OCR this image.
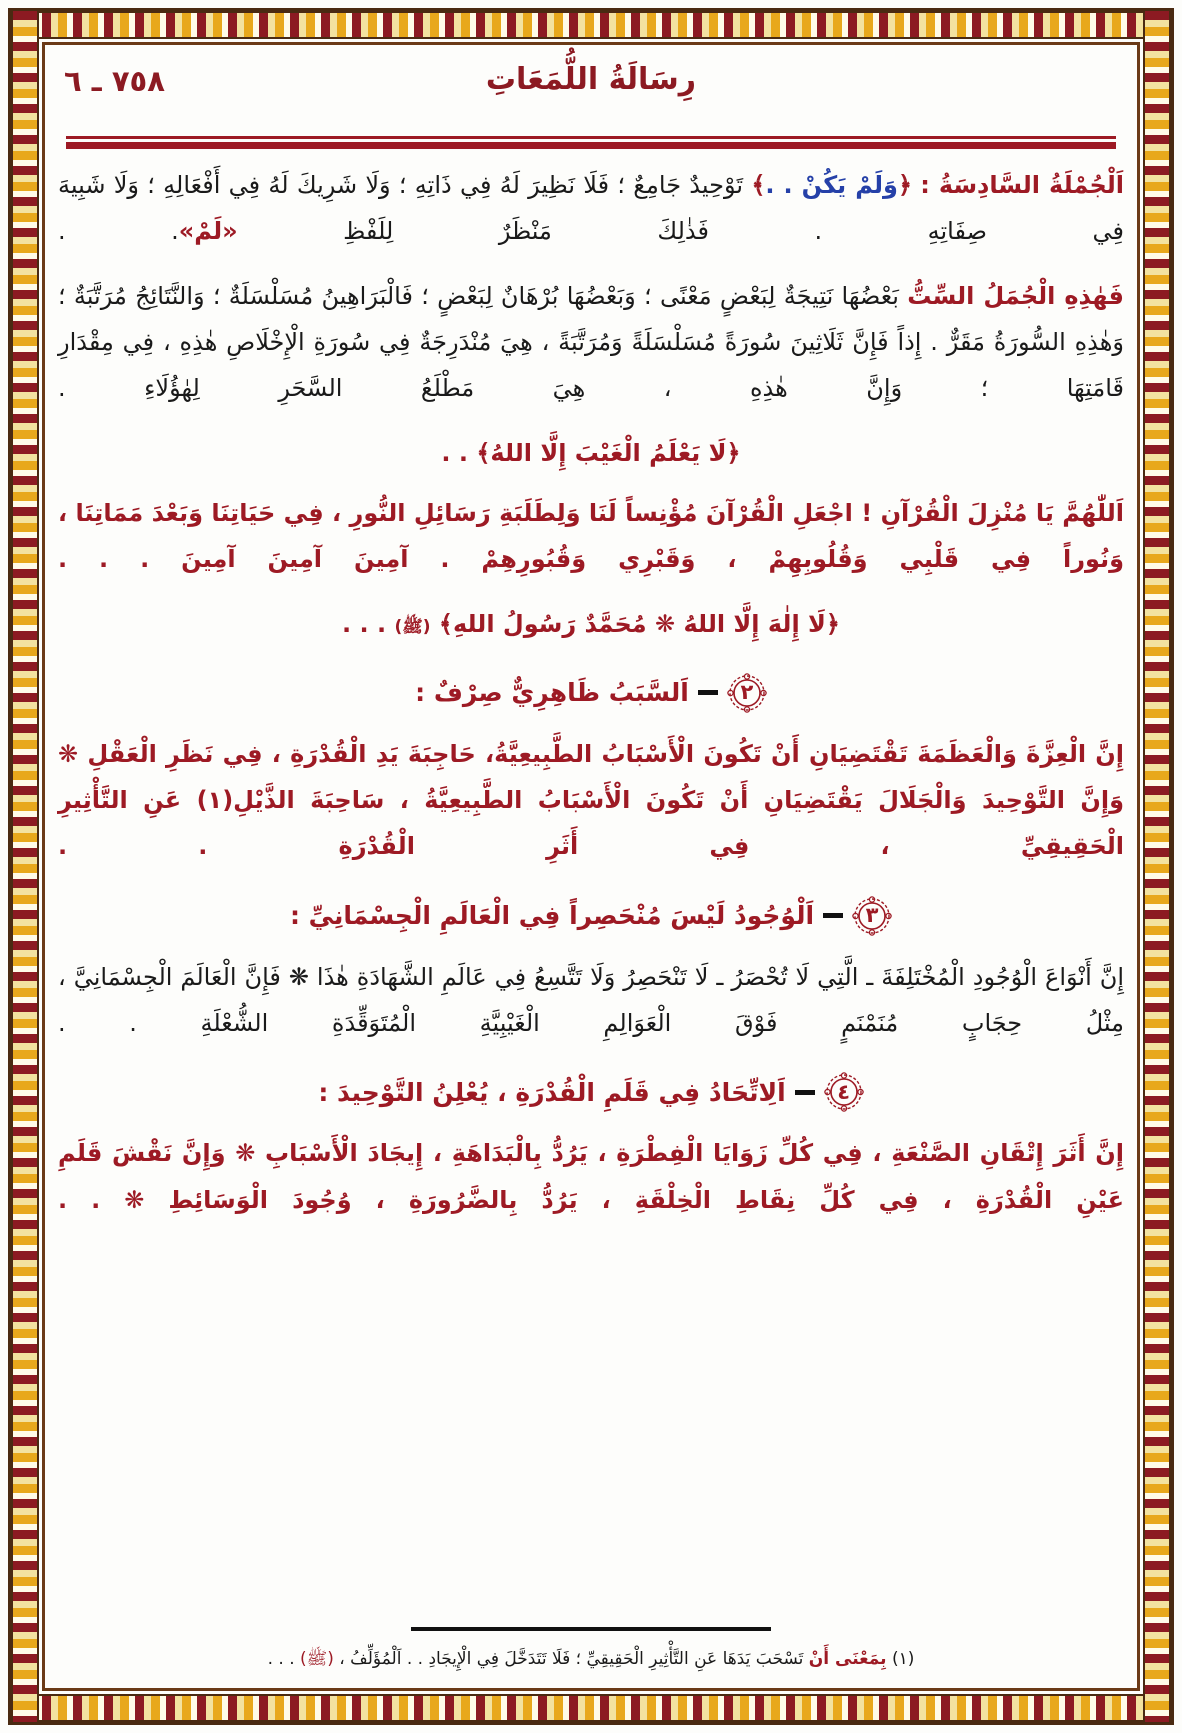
٧٥٨ ـ ٦	رِسَالَةُ اللُّمَعَاتِ

اَلْجُمْلَةُ السَّادِسَةُ : ﴿وَلَمْ يَكُنْ . .﴾ تَوْحِيدٌ جَامِعٌ ؛ فَلَا نَظِيرَ لَهُ فِي ذَاتِهِ ؛ وَلَا شَرِيكَ لَهُ فِي أَفْعَالِهِ ؛ وَلَا شَبِيهَ فِي صِفَاتِهِ . فَذٰلِكَ مَنْظَرٌ لِلَفْظِ «لَمْ». .

فَهٰذِهِ الْجُمَلُ السِّتُّ بَعْضُهَا نَتِيجَةٌ لِبَعْضٍ مَعْنًى ؛ وَبَعْضُهَا بُرْهَانٌ لِبَعْضٍ ؛ فَالْبَرَاهِينُ مُسَلْسَلَةٌ ؛ وَالنَّتَائِجُ مُرَتَّبَةٌ ؛ وَهٰذِهِ السُّورَةُ مَقَرٌّ . إِذاً فَإِنَّ ثَلَاثِينَ سُورَةً مُسَلْسَلَةً وَمُرَتَّبَةً ، هِيَ مُنْدَرِجَةٌ فِي سُورَةِ الْإِخْلَاصِ هٰذِهِ ، فِي مِقْدَارِ قَامَتِهَا ؛ وَإِنَّ هٰذِهِ ، هِيَ مَطْلَعُ السَّحَرِ لِهٰؤُلَاءِ .

﴿لَا يَعْلَمُ الْغَيْبَ إِلَّا اللهُ﴾ . .

اَللّٰهُمَّ يَا مُنْزِلَ الْقُرْآنِ ! اجْعَلِ الْقُرْآنَ مُؤْنِساً لَنَا وَلِطَلَبَةِ رَسَائِلِ النُّورِ ، فِي حَيَاتِنَا وَبَعْدَ مَمَاتِنَا ، وَنُوراً فِي قَلْبِي وَقُلُوبِهِمْ ، وَقَبْرِي وَقُبُورِهِمْ . آمِينَ آمِينَ آمِينَ . . .

﴿لَا إِلٰهَ إِلَّا اللهُ ❋ مُحَمَّدٌ رَسُولُ اللهِ﴾ (ﷺ) . . .

٢
اَلسَّبَبُ ظَاهِرِيٌّ صِرْفٌ :

إِنَّ الْعِزَّةَ وَالْعَظَمَةَ تَقْتَضِيَانِ أَنْ تَكُونَ الْأَسْبَابُ الطَّبِيعِيَّةُ، حَاجِبَةَ يَدِ الْقُدْرَةِ ، فِي نَظَرِ الْعَقْلِ ❋ وَإِنَّ التَّوْحِيدَ وَالْجَلَالَ يَقْتَضِيَانِ أَنْ تَكُونَ الْأَسْبَابُ الطَّبِيعِيَّةُ ، سَاحِبَةَ الذَّيْلِ(١) عَنِ التَّأْثِيرِ الْحَقِيقِيِّ ، فِي أَثَرِ الْقُدْرَةِ . .

٣
اَلْوُجُودُ لَيْسَ مُنْحَصِراً فِي الْعَالَمِ الْجِسْمَانِيِّ :

إِنَّ أَنْوَاعَ الْوُجُودِ الْمُخْتَلِفَةَ ـ الَّتِي لَا تُحْصَرُ ـ لَا تَنْحَصِرُ وَلَا تَتَّسِعُ فِي عَالَمِ الشَّهَادَةِ هٰذَا ❋ فَإِنَّ الْعَالَمَ الْجِسْمَانِيَّ ، مِثْلُ حِجَابٍ مُنَمْنَمٍ فَوْقَ الْعَوَالِمِ الْغَيْبِيَّةِ الْمُتَوَقِّدَةِ الشُّعْلَةِ . .

٤
اَلِاتِّحَادُ فِي قَلَمِ الْقُدْرَةِ ، يُعْلِنُ التَّوْحِيدَ :

إِنَّ أَثَرَ إِتْقَانِ الصَّنْعَةِ ، فِي كُلِّ زَوَايَا الْفِطْرَةِ ، يَرُدُّ بِالْبَدَاهَةِ ، إِيجَادَ الْأَسْبَابِ ❋ وَإِنَّ نَقْشَ قَلَمِ عَيْنِ الْقُدْرَةِ ، فِي كُلِّ نِقَاطِ الْخِلْقَةِ ، يَرُدُّ بِالضَّرُورَةِ ، وُجُودَ الْوَسَائِطِ ❋ . .

(١) بِمَعْنَى أَنْ تَسْحَبَ يَدَهَا عَنِ التَّأْثِيرِ الْحَقِيقِيِّ ؛ فَلَا تَتَدَخَّلَ فِي الْإِيجَادِ . . اَلْمُؤَلِّفُ ، (ﷺ) . . .
